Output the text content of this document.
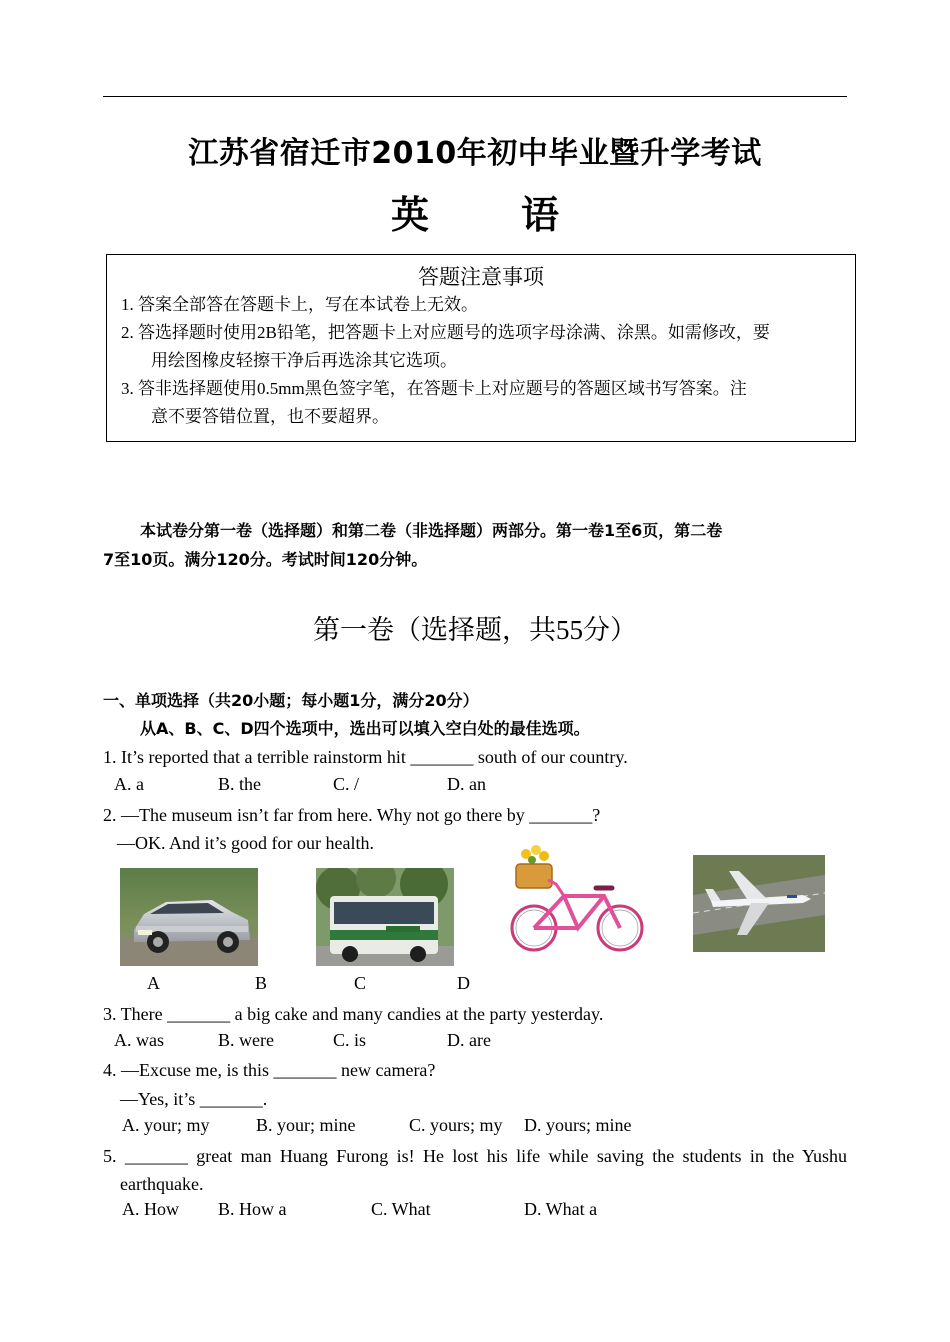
江苏省宿迁市2010年初中毕业暨升学考试
英 语
答题注意事项
1. 答案全部答在答题卡上，写在本试卷上无效。
2. 答选择题时使用2B铅笔，把答题卡上对应题号的选项字母涂满、涂黑。如需修改，要
用绘图橡皮轻擦干净后再选涂其它选项。
3. 答非选择题使用0.5mm黑色签字笔，在答题卡上对应题号的答题区域书写答案。注
意不要答错位置，也不要超界。
本试卷分第一卷（选择题）和第二卷（非选择题）两部分。第一卷1至6页，第二卷
7至10页。满分120分。考试时间120分钟。
第一卷（选择题，共55分）
一、单项选择（共20小题；每小题1分，满分20分）
从A、B、C、D四个选项中，选出可以填入空白处的最佳选项。
1. It’s reported that a terrible rainstorm hit _______ south of our country.
A. a	B. the	C. /	D. an
2. —The museum isn’t far from here. Why not go there by _______?
—OK. And it’s good for our health.
A	B	C	D
3. There _______ a big cake and many candies at the party yesterday.
A. was	B. were	C. is	D. are
4. —Excuse me, is this _______ new camera?
—Yes, it’s _______.
A. your; my	B. your; mine	C. yours; my D. yours; mine
5. _______ great man Huang Furong is! He lost his life while saving the students in the Yushu
earthquake.
A. How B. How a	C. What	D. What a
